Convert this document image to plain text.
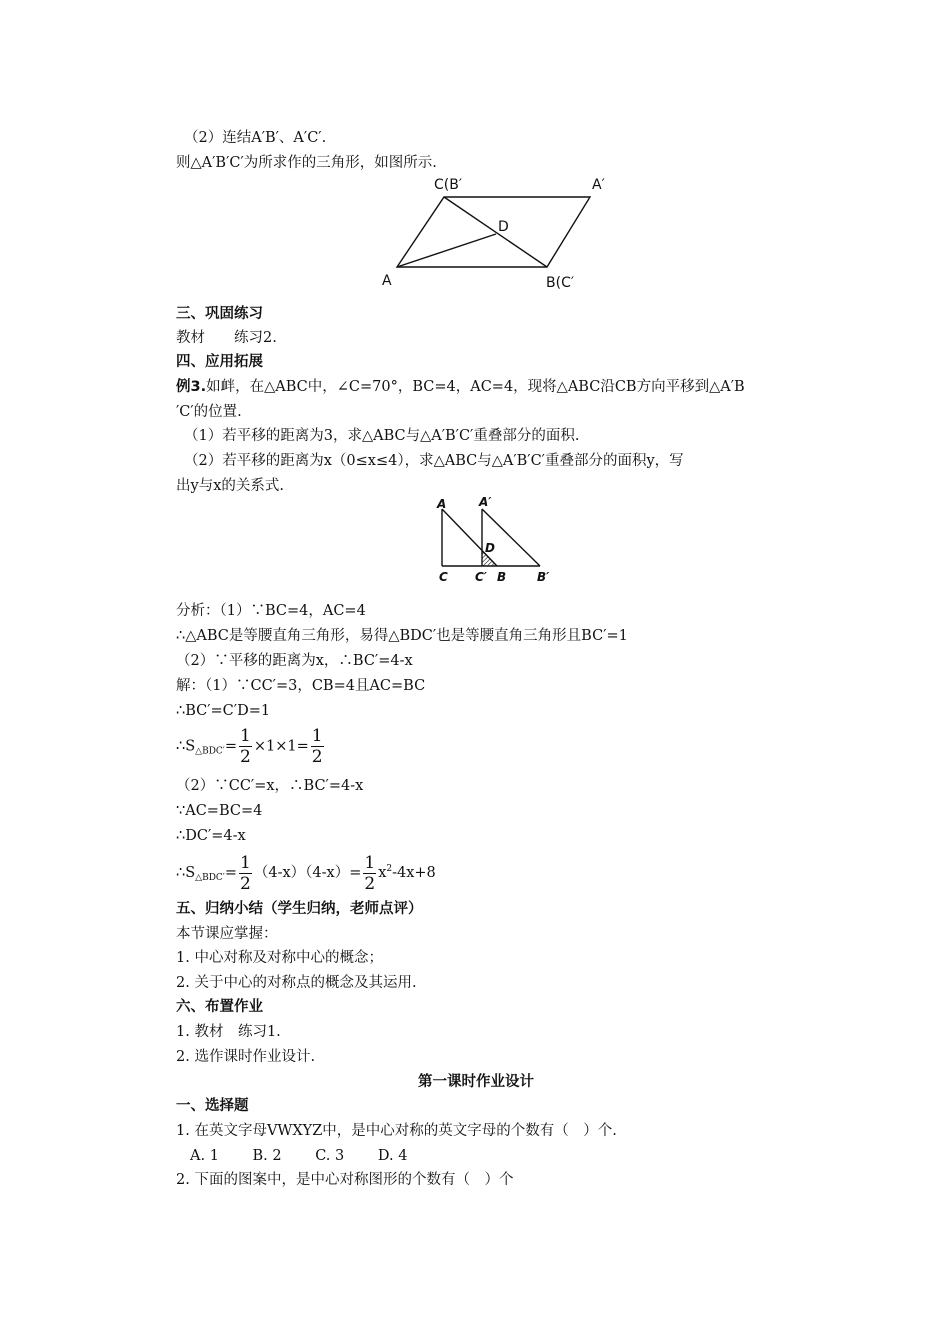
（2）连结A′B′、A′C′.
则△A′B′C′为所求作的三角形，如图所示.
C(B′	A′
D
A	B(C′
三、巩固练习
教材　　练习2.
四、应用拓展
例3.如衅，在△ABC中，∠C=70°，BC=4，AC=4，现将△ABC沿CB方向平移到△A′B
′C′的位置.
（1）若平移的距离为3，求△ABC与△A′B′C′重叠部分的面积.
（2）若平移的距离为x（0≤x≤4），求△ABC与△A′B′C′重叠部分的面积y，写
出y与x的关系式.
A	A′
D
C C′ B	B′
分析：（1）∵BC=4，AC=4
∴△ABC是等腰直角三角形，易得△BDC′也是等腰直角三角形且BC′=1
（2）∵平移的距离为x，∴BC′=4-x
解：（1）∵CC′=3，CB=4且AC=BC
∴BC′=C′D=1
$\therefore S_{\triangle BDC'}= \frac{1}{2} \times 1\times 1= \frac{1}{2}$
（2）∵CC′=x，∴BC′=4-x
∵AC=BC=4
∴DC′=4-x
$\therefore S_{\triangle BDC'}= \frac{1}{2} (4-x)(4-x)= \frac{1}{2} x^2-4x+8$
五、归纳小结（学生归纳，老师点评）
本节课应掌握：
1. 中心对称及对称中心的概念；
2. 关于中心的对称点的概念及其运用.
六、布置作业
1. 教材　练习1.
2. 选作课时作业设计.
第一课时作业设计
一、选择题
1. 在英文字母VWXYZ中，是中心对称的英文字母的个数有（　）个.
A. 1　　 B. 2　　 C. 3　　 D. 4
2. 下面的图案中，是中心对称图形的个数有（　）个
